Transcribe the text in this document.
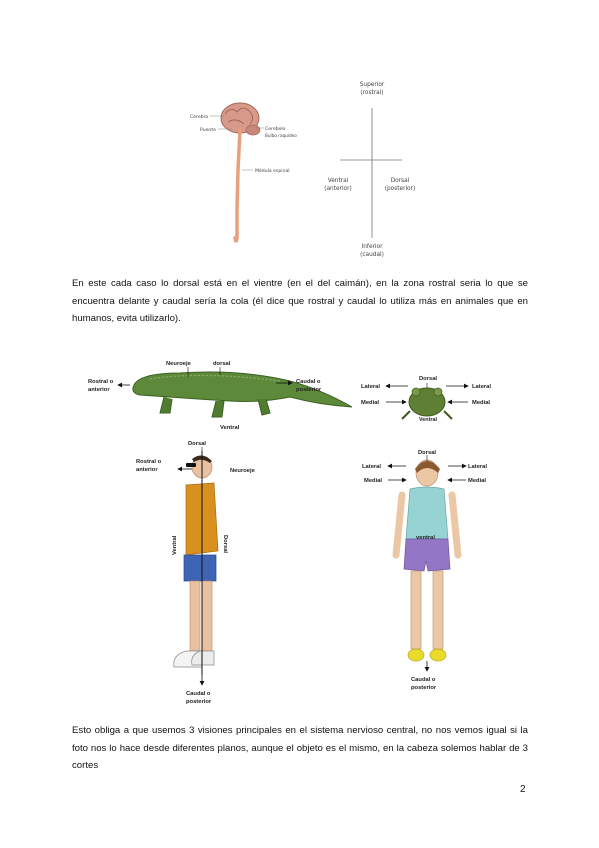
Cerebro
Puente	Cerebelo
Bulbo raquídeo
Médula espinal
Superior
(rostral)
Ventral
(anterior)
Dorsal
(posterior)
Inferior
(caudal)
En este cada caso lo dorsal está en el vientre (en el del caimán), en la zona rostral seria lo que se encuentra delante y caudal sería la cola (él dice que rostral y caudal lo utiliza más en animales que en humanos, evita utilizarlo).
Neuroeje	dorsal
Rostral o
anterior
Caudal o
posterior
Ventral
Dorsal
Lateral	Lateral
Medial	Medial
Ventral
Dorsal
Rostral o
anterior	Neuroeje
Ventral	Dorsal
Caudal o
posterior
Dorsal
Lateral	Lateral
Medial	Medial
ventral
Caudal o
posterior
Esto obliga a que usemos 3 visiones principales en el sistema nervioso central, no nos vemos igual si la foto nos lo hace desde diferentes planos, aunque el objeto es el mismo, en la cabeza solemos hablar de 3 cortes
2
